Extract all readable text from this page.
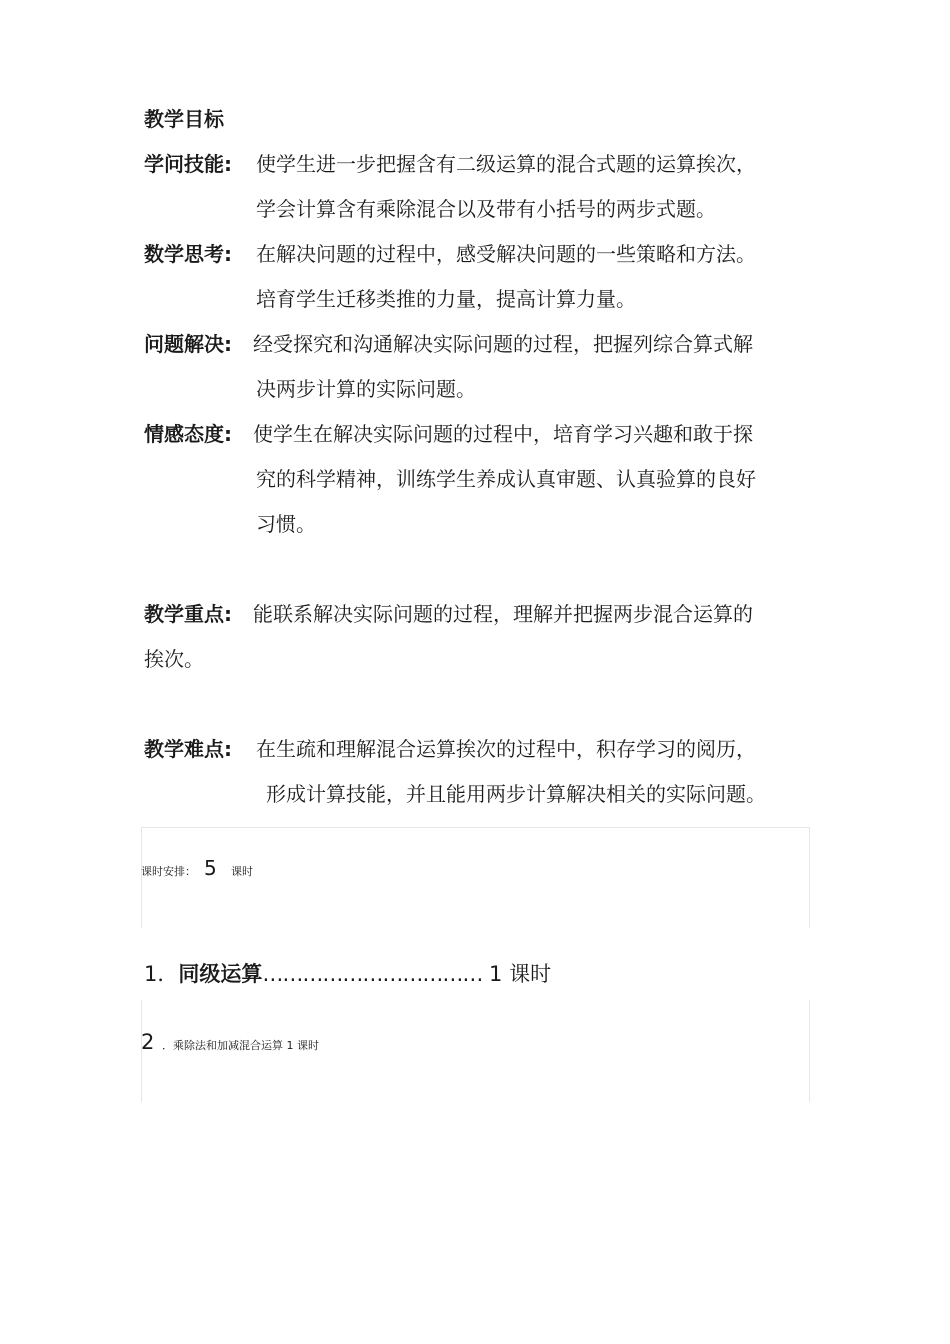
教学目标
学问技能: 使学生进一步把握含有二级运算的混合式题的运算挨次，
学会计算含有乘除混合以及带有小括号的两步式题。
数学思考: 在解决问题的过程中，感受解决问题的一些策略和方法。
培育学生迁移类推的力量，提高计算力量。
问题解决: 经受探究和沟通解决实际问题的过程，把握列综合算式解
决两步计算的实际问题。
情感态度: 使学生在解决实际问题的过程中，培育学习兴趣和敢于探
究的科学精神，训练学生养成认真审题、认真验算的良好
习惯。
教学重点: 能联系解决实际问题的过程，理解并把握两步混合运算的
挨次。
教学难点: 在生疏和理解混合运算挨次的过程中，积存学习的阅历，
形成计算技能，并且能用两步计算解决相关的实际问题。
课时安排： 5 课时
1．同级运算…………………………… 1 课时
2 ．乘除法和加减混合运算 1 课时
